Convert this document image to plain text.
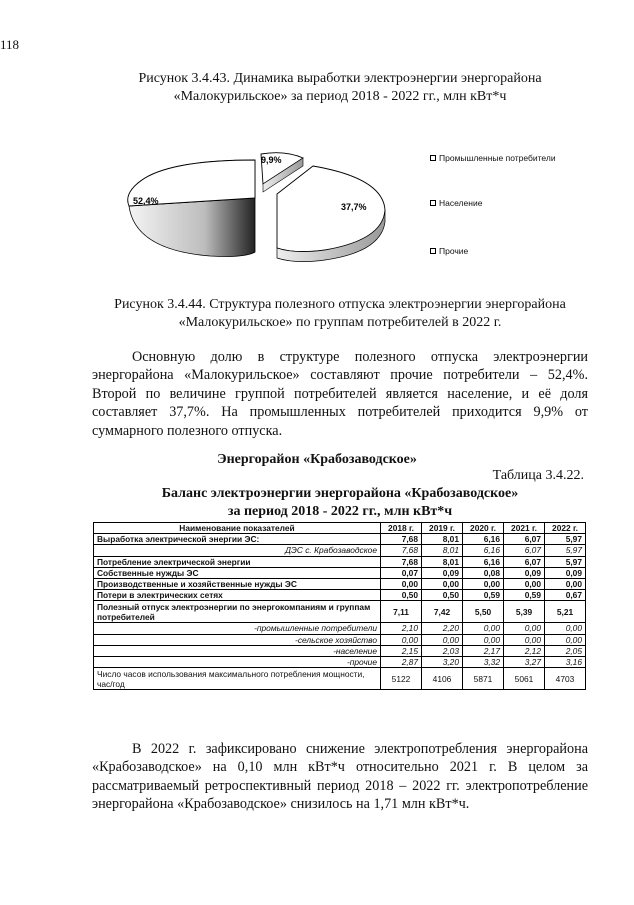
118
Рисунок 3.4.43. Динамика выработки электроэнергии энергорайона
«Малокурильское» за период 2018 - 2022 гг., млн кВт*ч
52,4%
9,9%
37,7%
Промышленные потребители
Население
Прочие
Рисунок 3.4.44. Структура полезного отпуска электроэнергии энергорайона
«Малокурильское» по группам потребителей в 2022 г.
Основную долю в структуре полезного отпуска электроэнергии энергорайона «Малокурильское» составляют прочие потребители – 52,4%. Второй по величине группой потребителей является население, и её доля составляет 37,7%. На промышленных потребителей приходится 9,9% от суммарного полезного отпуска.
Энергорайон «Крабозаводское»
Таблица 3.4.22.
Баланс электроэнергии энергорайона «Крабозаводское»
за период 2018 - 2022 гг., млн кВт*ч
Наименование показателей	2018 г.	2019 г.	2020 г.	2021 г.	2022 г.
Выработка электрической энергии ЭС:	7,68	8,01	6,16	6,07	5,97
ДЭС с. Крабозаводское	7,68	8,01	6,16	6,07	5,97
Потребление электрической энергии	7,68	8,01	6,16	6,07	5,97
Собственные нужды ЭС	0,07	0,09	0,08	0,09	0,09
Производственные и хозяйственные нужды ЭС	0,00	0,00	0,00	0,00	0,00
Потери в электрических сетях	0,50	0,50	0,59	0,59	0,67
Полезный отпуск электроэнергии по энергокомпаниям и группам потребителей	7,11	7,42	5,50	5,39	5,21
-промышленные потребители	2,10	2,20	0,00	0,00	0,00
-сельское хозяйство	0,00	0,00	0,00	0,00	0,00
-население	2,15	2,03	2,17	2,12	2,05
-прочие	2,87	3,20	3,32	3,27	3,16
Число часов использования максимального потребления мощности, час/год	5122	4106	5871	5061	4703
В 2022 г. зафиксировано снижение электропотребления энергорайона «Крабозаводское» на 0,10 млн кВт*ч относительно 2021 г. В целом за рассматриваемый ретроспективный период 2018 – 2022 гг. электропотребление энергорайона «Крабозаводское» снизилось на 1,71 млн кВт*ч.
